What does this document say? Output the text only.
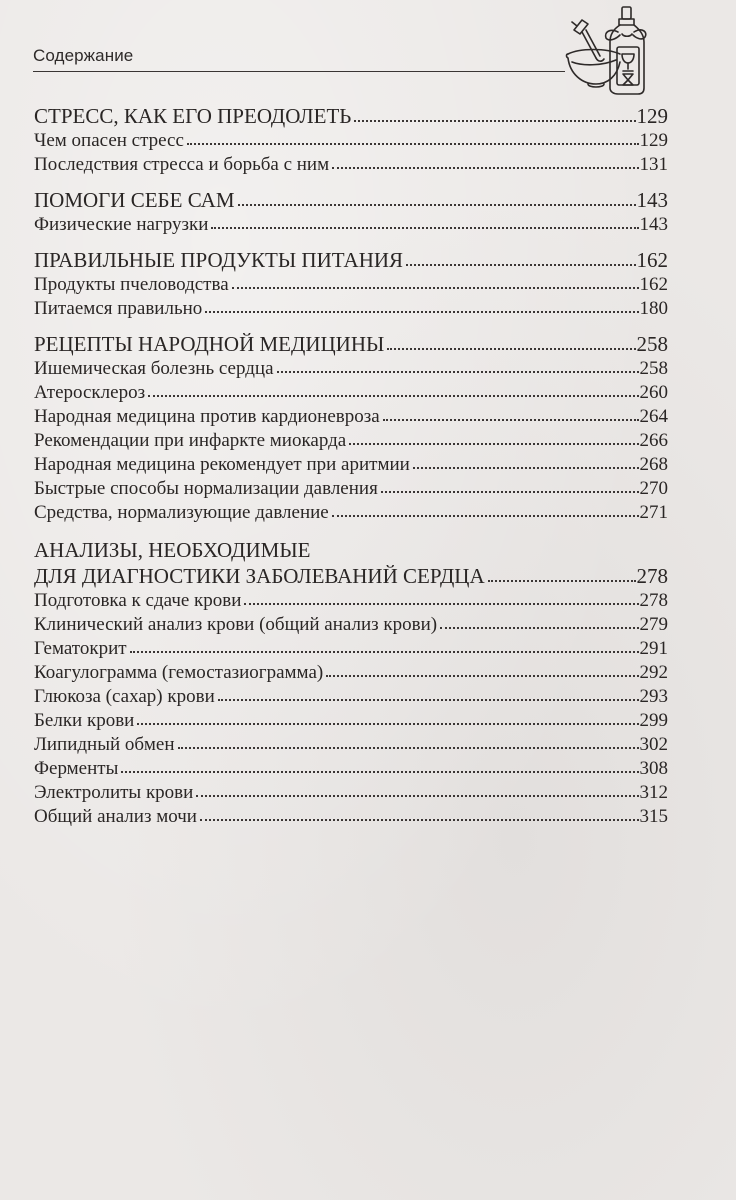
Содержание
СТРЕСС, КАК ЕГО ПРЕОДОЛЕТЬ	129
Чем опасен стресс	129
Последствия стресса и борьба с ним	131
ПОМОГИ СЕБЕ САМ	143
Физические нагрузки	143
ПРАВИЛЬНЫЕ ПРОДУКТЫ ПИТАНИЯ	162
Продукты пчеловодства	162
Питаемся правильно	180
РЕЦЕПТЫ НАРОДНОЙ МЕДИЦИНЫ	258
Ишемическая болезнь сердца	258
Атеросклероз	260
Народная медицина против кардионевроза	264
Рекомендации при инфаркте миокарда	266
Народная медицина рекомендует при аритмии	268
Быстрые способы нормализации давления	270
Средства, нормализующие давление	271
АНАЛИЗЫ, НЕОБХОДИМЫЕ
ДЛЯ ДИАГНОСТИКИ ЗАБОЛЕВАНИЙ СЕРДЦА	278
Подготовка к сдаче крови	278
Клинический анализ крови (общий анализ крови)	279
Гематокрит	291
Коагулограмма (гемостазиограмма)	292
Глюкоза (сахар) крови	293
Белки крови	299
Липидный обмен	302
Ферменты	308
Электролиты крови	312
Общий анализ мочи	315
